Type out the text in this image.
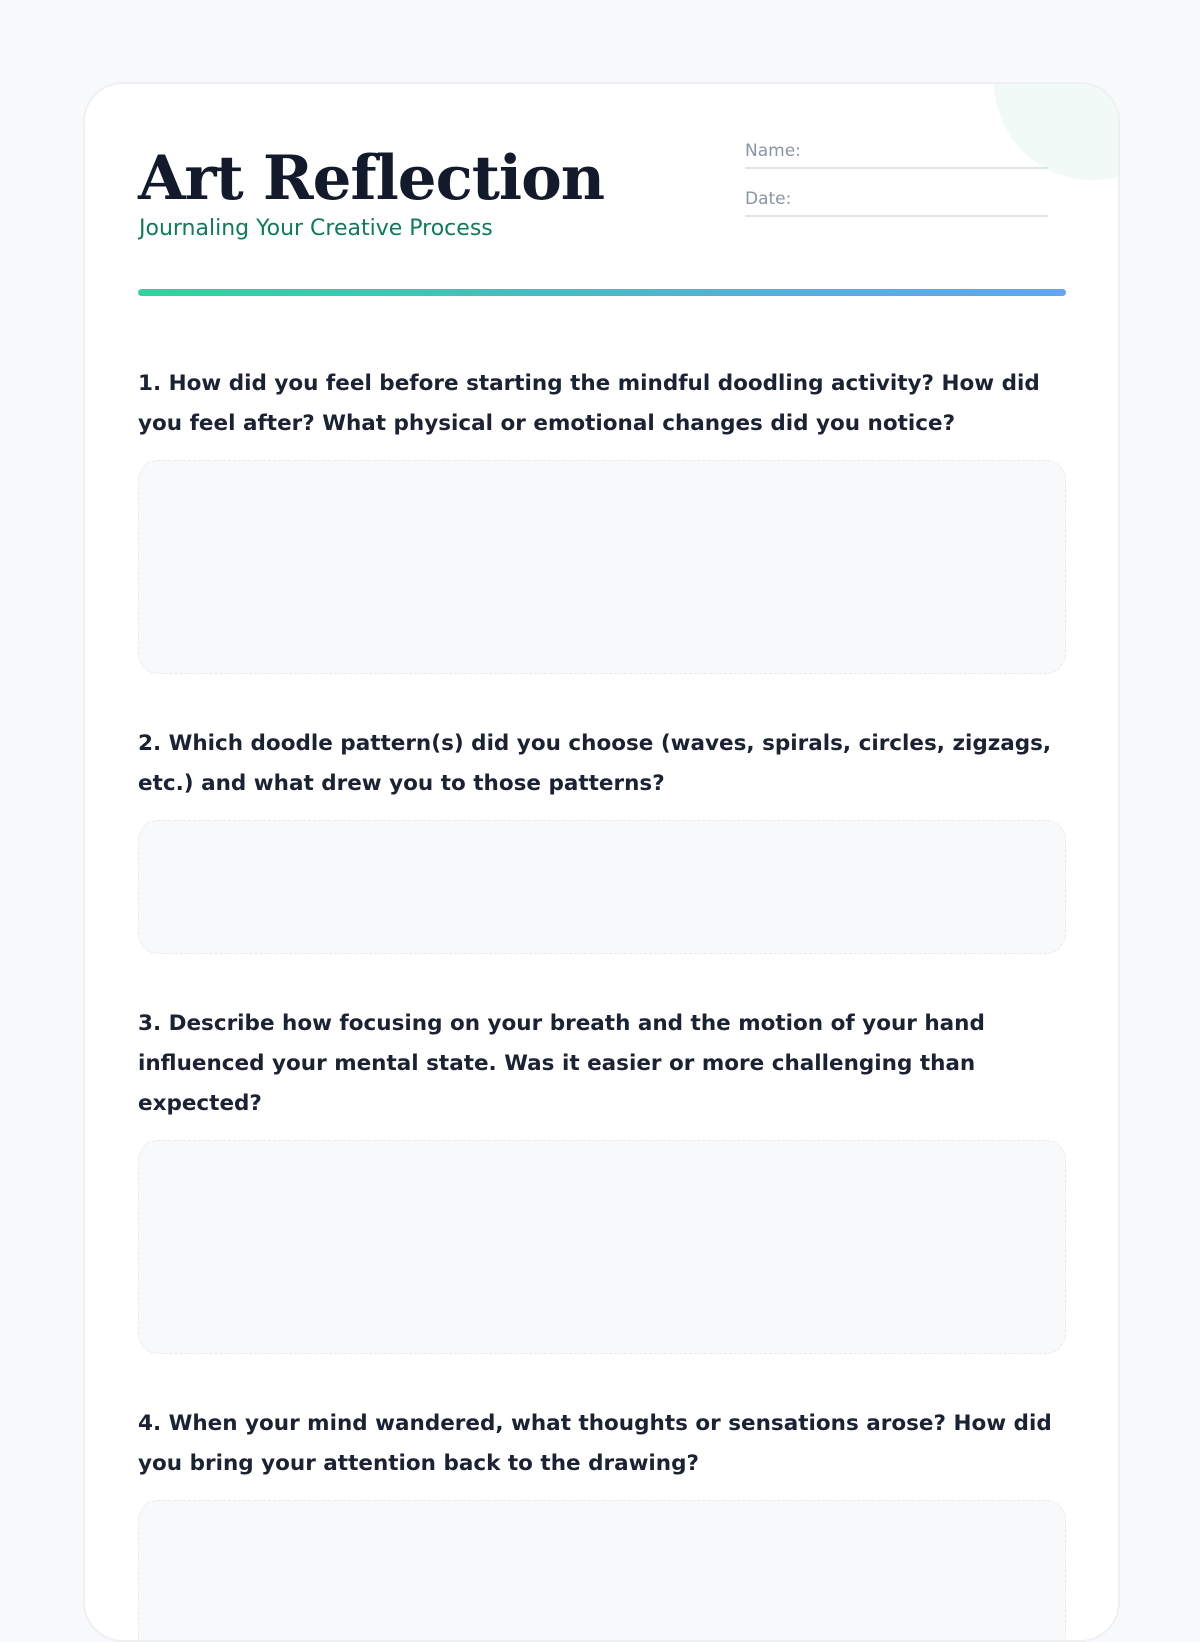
Art Reflection

Journaling Your Creative Process

Name:
Date:

1. How did you feel before starting the mindful doodling activity? How did you feel after? What physical or emotional changes did you notice?

2. Which doodle pattern(s) did you choose (waves, spirals, circles, zigzags, etc.) and what drew you to those patterns?

3. Describe how focusing on your breath and the motion of your hand influenced your mental state. Was it easier or more challenging than expected?

4. When your mind wandered, what thoughts or sensations arose? How did you bring your attention back to the drawing?
